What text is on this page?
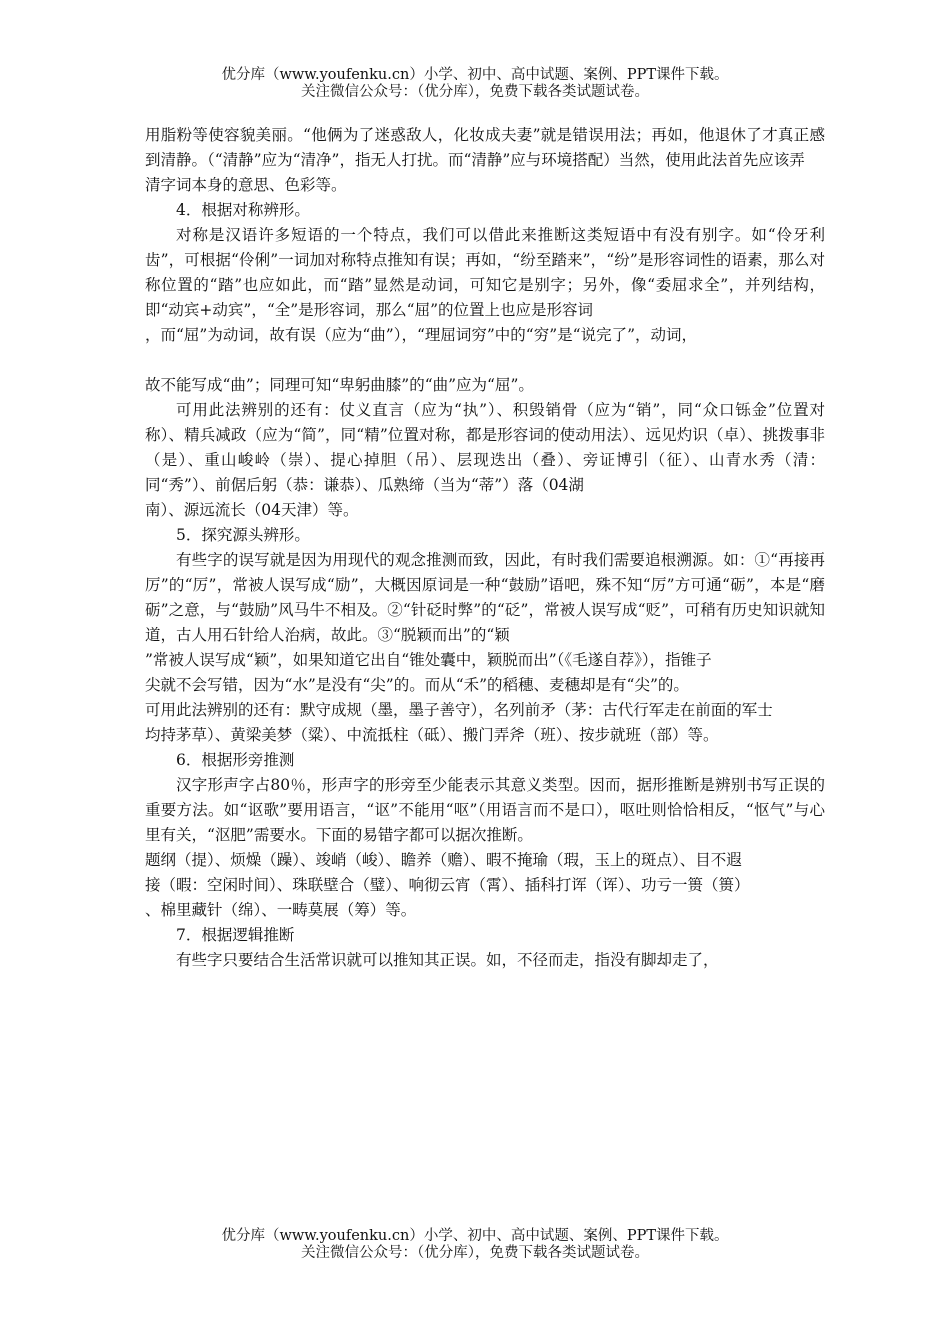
优分库（www.youfenku.cn）小学、初中、高中试题、案例、PPT课件下载。
关注微信公众号：（优分库），免费下载各类试题试卷。

用脂粉等使容貌美丽。“他俩为了迷惑敌人，化妆成夫妻”就是错误用法；再如，他退休了才真正感到清静。（“清静”应为“清净”，指无人打扰。而“清静”应与环境搭配）当然，使用此法首先应该弄

清字词本身的意思、色彩等。

4．根据对称辨形。

对称是汉语许多短语的一个特点，我们可以借此来推断这类短语中有没有别字。如“伶牙利齿”，可根据“伶俐”一词加对称特点推知有误；再如，“纷至踏来”，“纷”是形容词性的语素，那么对称位置的“踏”也应如此，而“踏”显然是动词，可知它是别字；另外，像“委屈求全”，并列结构，即“动宾+动宾”，“全”是形容词，那么“屈”的位置上也应是形容词

，而“屈”为动词，故有误（应为“曲”），“理屈词穷”中的“穷”是“说完了”，动词，

故不能写成“曲”；同理可知“卑躬曲膝”的“曲”应为“屈”。

可用此法辨别的还有：仗义直言（应为“执”）、积毁销骨（应为“销”，同“众口铄金”位置对称）、精兵减政（应为“简”，同“精”位置对称，都是形容词的使动用法）、远见灼识（卓）、挑拨事非（是）、重山峻岭（崇）、提心掉胆（吊）、层现迭出（叠）、旁证博引（征）、山青水秀（清：同“秀”）、前倨后躬（恭：谦恭）、瓜熟缔（当为“蒂”）落（04湖

南）、源远流长（04天津）等。

5．探究源头辨形。

有些字的误写就是因为用现代的观念推测而致，因此，有时我们需要追根溯源。如：①“再接再厉”的“厉”，常被人误写成“励”，大概因原词是一种“鼓励”语吧，殊不知“厉”方可通“砺”，本是“磨砺”之意，与“鼓励”风马牛不相及。②“针砭时弊”的“砭”，常被人误写成“贬”，可稍有历史知识就知道，古人用石针给人治病，故此。③“脱颖而出”的“颖

”常被人误写成“颖”，如果知道它出自“锥处囊中，颖脱而出”（《毛遂自荐》），指锥子

尖就不会写错，因为“水”是没有“尖”的。而从“禾”的稻穗、麦穗却是有“尖”的。

可用此法辨别的还有：默守成规（墨，墨子善守），名列前矛（茅：古代行军走在前面的军士

均持茅草）、黄梁美梦（粱）、中流抵柱（砥）、搬门弄斧（班）、按步就班（部）等。

6．根据形旁推测

汉字形声字占80％，形声字的形旁至少能表示其意义类型。因而，据形推断是辨别书写正误的重要方法。如“讴歌”要用语言，“讴”不能用“呕”（用语言而不是口），呕吐则恰恰相反，“怄气”与心里有关，“沤肥”需要水。下面的易错字都可以据次推断。

题纲（提）、烦燥（躁）、竣峭（峻）、瞻养（赡）、暇不掩瑜（瑕，玉上的斑点）、目不遐

接（暇：空闲时间）、珠联壁合（璧）、响彻云宵（霄）、插科打诨（诨）、功亏一篑（篑）

、棉里藏针（绵）、一畴莫展（筹）等。

7．根据逻辑推断

有些字只要结合生活常识就可以推知其正误。如，不径而走，指没有脚却走了，

优分库（www.youfenku.cn）小学、初中、高中试题、案例、PPT课件下载。
关注微信公众号：（优分库），免费下载各类试题试卷。
